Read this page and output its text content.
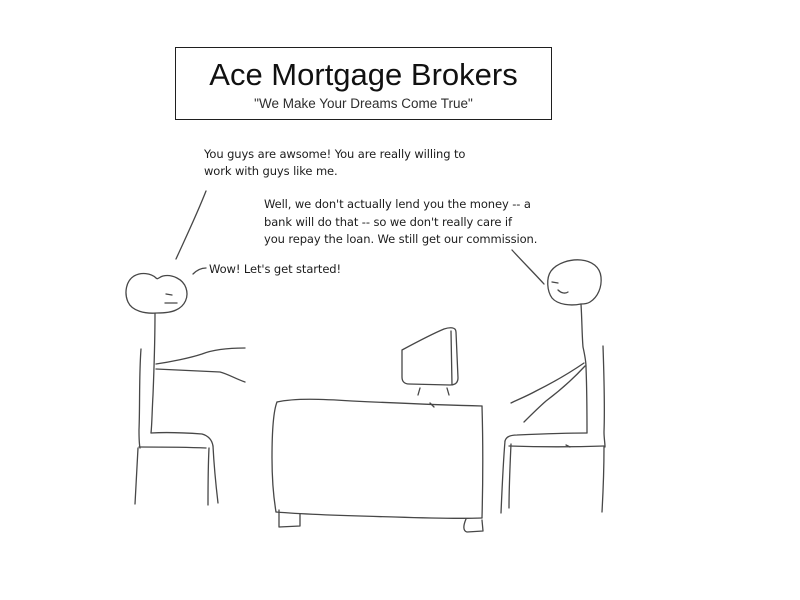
Ace Mortgage Brokers
"We Make Your Dreams Come True"
You guys are awsome! You are really willing to
work with guys like me.
Well, we don't actually lend you the money -- a
bank will do that -- so we don't really care if
you repay the loan. We still get our commission.
Wow! Let's get started!
